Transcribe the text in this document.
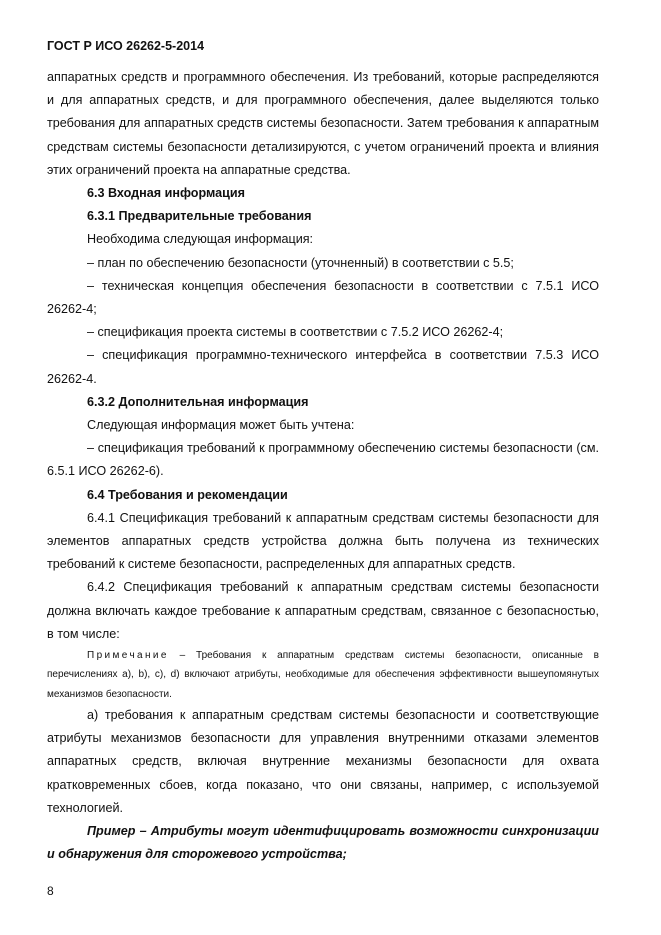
ГОСТ Р ИСО 26262-5-2014

аппаратных средств и программного обеспечения. Из требований, которые распределяются и для аппаратных средств, и для программного обеспечения, далее выделяются только требования для аппаратных средств системы безопасности. Затем требования к аппаратным средствам системы безопасности детализируются, с учетом ограничений проекта и влияния этих ограничений проекта на аппаратные средства.

6.3 Входная информация

6.3.1 Предварительные требования

Необходима следующая информация:

– план по обеспечению безопасности (уточненный) в соответствии с 5.5;

– техническая концепция обеспечения безопасности в соответствии с 7.5.1 ИСО 26262-4;

– спецификация проекта системы в соответствии с 7.5.2 ИСО 26262-4;

– спецификация программно-технического интерфейса в соответствии 7.5.3 ИСО 26262-4.

6.3.2 Дополнительная информация

Следующая информация может быть учтена:

– спецификация требований к программному обеспечению системы безопасности (см. 6.5.1 ИСО 26262-6).

6.4 Требования и рекомендации

6.4.1 Спецификация требований к аппаратным средствам системы безопасности для элементов аппаратных средств устройства должна быть получена из технических требований к системе безопасности, распределенных для аппаратных средств.

6.4.2 Спецификация требований к аппаратным средствам системы безопасности должна включать каждое требование к аппаратным средствам, связанное с безопасностью, в том числе:

Примечание – Требования к аппаратным средствам системы безопасности, описанные в перечислениях а), b), c), d) включают атрибуты, необходимые для обеспечения эффективности вышеупомянутых механизмов безопасности.

а) требования к аппаратным средствам системы безопасности и соответствующие атрибуты механизмов безопасности для управления внутренними отказами элементов аппаратных средств, включая внутренние механизмы безопасности для охвата кратковременных сбоев, когда показано, что они связаны, например, с используемой технологией.

Пример – Атрибуты могут идентифицировать возможности синхронизации и обнаружения для сторожевого устройства;

8
